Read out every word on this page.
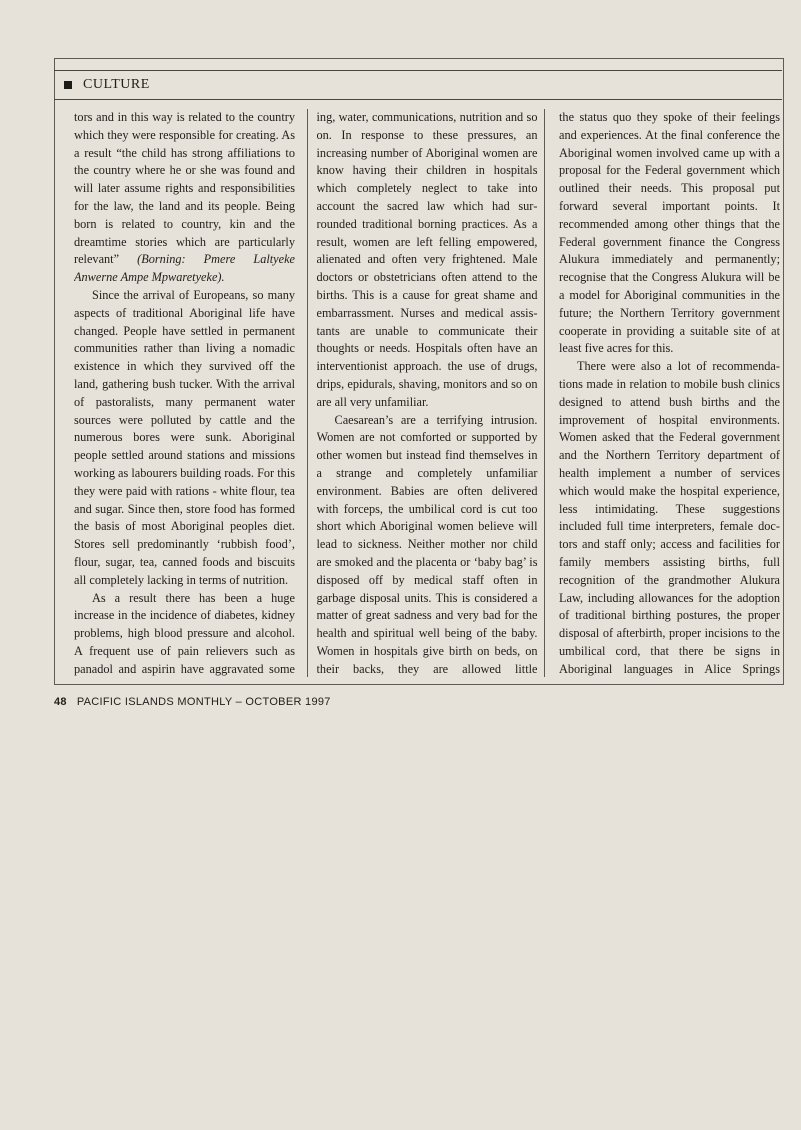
CULTURE

tors and in this way is related to the country which they were responsible for creating. As a result “the child has strong affiliations to the country where he or she was found and will later assume rights and responsibilities for the law, the land and its people. Being born is related to country, kin and the dreamtime stories which are particularly relevant” (Borning: Pmere Laltyeke Anwerne Ampe Mpwaretyeke).

Since the arrival of Europeans, so many aspects of traditional Aboriginal life have changed. People have settled in permanent communities rather than living a nomadic existence in which they survived off the land, gathering bush tucker. With the arrival of pastoralists, many permanent water sources were polluted by cattle and the numerous bores were sunk. Aboriginal people settled around stations and missions working as labourers building roads. For this they were paid with rations - white flour, tea and sugar. Since then, store food has formed the basis of most Aboriginal peoples diet. Stores sell predominantly ‘rubbish food’, flour, sugar, tea, canned foods and biscuits all completely lacking in terms of nutrition.

As a result there has been a huge increase in the incidence of diabetes, kidney problems, high blood pressure and alcohol. A frequent use of pain relievers such as panadol and aspirin have aggravated some

ing, water, communications, nutrition and so on. In response to these pressures, an increasing number of Aboriginal women are know having their children in hospitals which completely neglect to take into account the sacred law which had surrounded traditional borning practices. As a result, women are left felling empowered, alienated and often very frightened. Male doctors or obstetricians often attend to the births. This is a cause for great shame and embarrassment. Nurses and medical assistants are unable to communicate their thoughts or needs. Hospitals often have an interventionist approach. the use of drugs, drips, epidurals, shaving, monitors and so on are all very unfamiliar.

Caesarean’s are a terrifying intrusion. Women are not comforted or supported by other women but instead find themselves in a strange and completely unfamiliar environment. Babies are often delivered with forceps, the umbilical cord is cut too short which Aboriginal women believe will lead to sickness. Neither mother nor child are smoked and the placenta or ‘baby bag’ is disposed off by medical staff often in garbage disposal units. This is considered a matter of great sadness and very bad for the health and spiritual well being of the baby. Women in hospitals give birth on beds, on their backs, they are allowed little

the status quo they spoke of their feelings and experiences. At the final conference the Aboriginal women involved came up with a proposal for the Federal government which outlined their needs. This proposal put forward several important points. It recommended among other things that the Federal government finance the Congress Alukura immediately and permanently; recognise that the Congress Alukura will be a model for Aboriginal communities in the future; the Northern Territory government cooperate in providing a suitable site of at least five acres for this.

There were also a lot of recommendations made in relation to mobile bush clinics designed to attend bush births and the improvement of hospital environments. Women asked that the Federal government and the Northern Territory department of health implement a number of services which would make the hospital experience, less intimidating. These suggestions included full time interpreters, female doctors and staff only; access and facilities for family members assisting births, full recognition of the grandmother Alukura Law, including allowances for the adoption of traditional birthing postures, the proper disposal of afterbirth, proper incisions to the umbilical cord, that there be signs in Aboriginal languages in Alice Springs

48 PACIFIC ISLANDS MONTHLY – OCTOBER 1997
